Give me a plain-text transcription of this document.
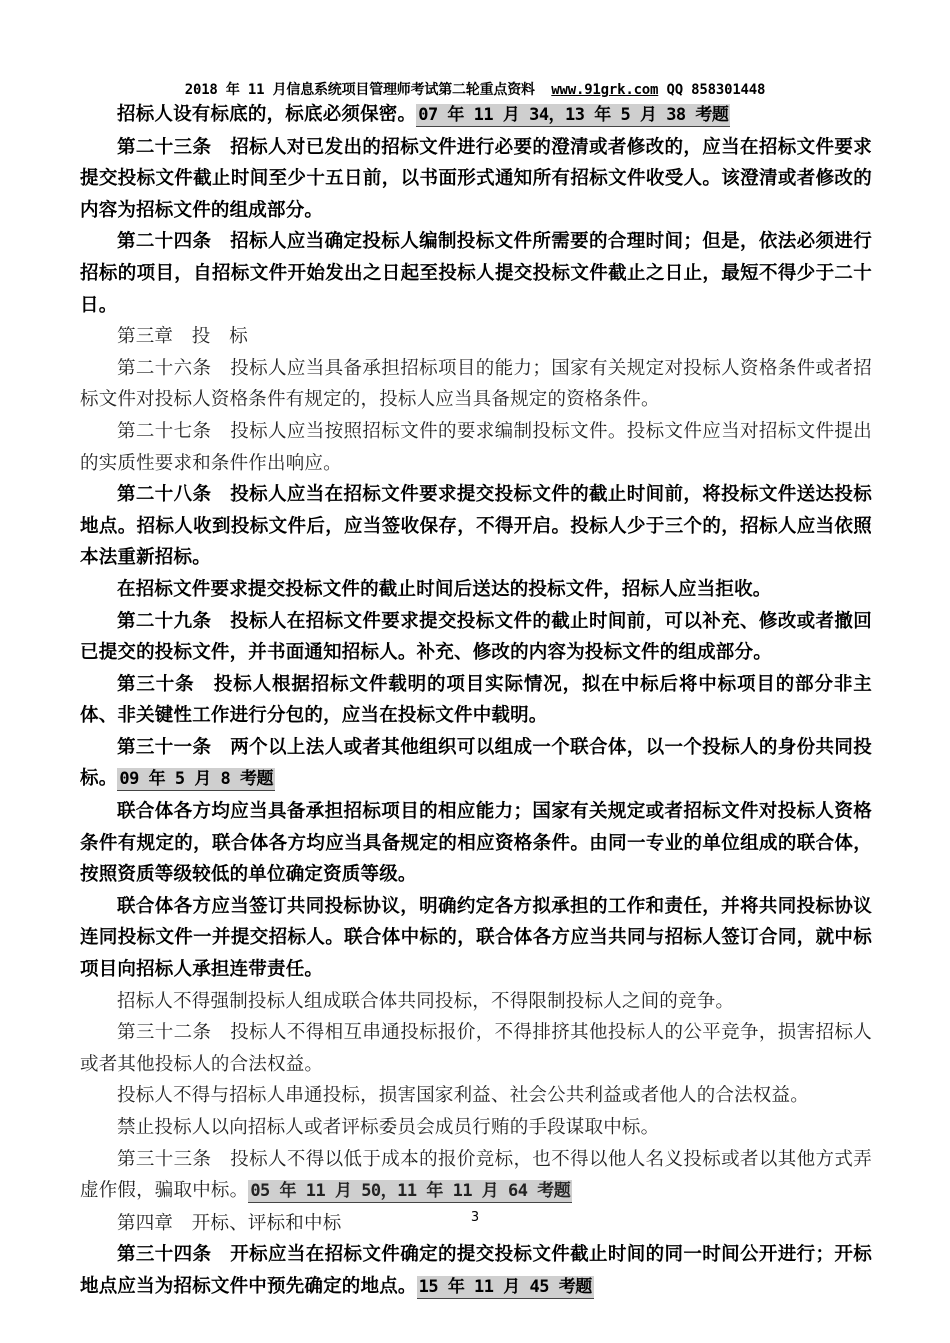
2018 年 11 月信息系统项目管理师考试第二轮重点资料 www.91grk.com QQ 858301448

招标人设有标底的，标底必须保密。 07 年 11 月 34，13 年 5 月 38 考题

第二十三条　招标人对已发出的招标文件进行必要的澄清或者修改的，应当在招标文件要求提交投标文件截止时间至少十五日前，以书面形式通知所有招标文件收受人。该澄清或者修改的内容为招标文件的组成部分。

第二十四条　招标人应当确定投标人编制投标文件所需要的合理时间；但是，依法必须进行招标的项目，自招标文件开始发出之日起至投标人提交投标文件截止之日止，最短不得少于二十日。

第三章　投　标

第二十六条　投标人应当具备承担招标项目的能力；国家有关规定对投标人资格条件或者招标文件对投标人资格条件有规定的，投标人应当具备规定的资格条件。

第二十七条　投标人应当按照招标文件的要求编制投标文件。投标文件应当对招标文件提出的实质性要求和条件作出响应。

第二十八条　投标人应当在招标文件要求提交投标文件的截止时间前，将投标文件送达投标地点。招标人收到投标文件后，应当签收保存，不得开启。投标人少于三个的，招标人应当依照本法重新招标。

在招标文件要求提交投标文件的截止时间后送达的投标文件，招标人应当拒收。

第二十九条　投标人在招标文件要求提交投标文件的截止时间前，可以补充、修改或者撤回已提交的投标文件，并书面通知招标人。补充、修改的内容为投标文件的组成部分。

第三十条　投标人根据招标文件载明的项目实际情况，拟在中标后将中标项目的部分非主体、非关键性工作进行分包的，应当在投标文件中载明。

第三十一条　两个以上法人或者其他组织可以组成一个联合体，以一个投标人的身份共同投标。 09 年 5 月 8 考题

联合体各方均应当具备承担招标项目的相应能力；国家有关规定或者招标文件对投标人资格条件有规定的，联合体各方均应当具备规定的相应资格条件。由同一专业的单位组成的联合体，按照资质等级较低的单位确定资质等级。

联合体各方应当签订共同投标协议，明确约定各方拟承担的工作和责任，并将共同投标协议连同投标文件一并提交招标人。联合体中标的，联合体各方应当共同与招标人签订合同，就中标项目向招标人承担连带责任。

招标人不得强制投标人组成联合体共同投标，不得限制投标人之间的竞争。

第三十二条　投标人不得相互串通投标报价，不得排挤其他投标人的公平竞争，损害招标人或者其他投标人的合法权益。

投标人不得与招标人串通投标，损害国家利益、社会公共利益或者他人的合法权益。

禁止投标人以向招标人或者评标委员会成员行贿的手段谋取中标。

第三十三条　投标人不得以低于成本的报价竞标，也不得以他人名义投标或者以其他方式弄虚作假，骗取中标。 05 年 11 月 50，11 年 11 月 64 考题

第四章　开标、评标和中标

第三十四条　开标应当在招标文件确定的提交投标文件截止时间的同一时间公开进行；开标地点应当为招标文件中预先确定的地点。 15 年 11 月 45 考题

3
